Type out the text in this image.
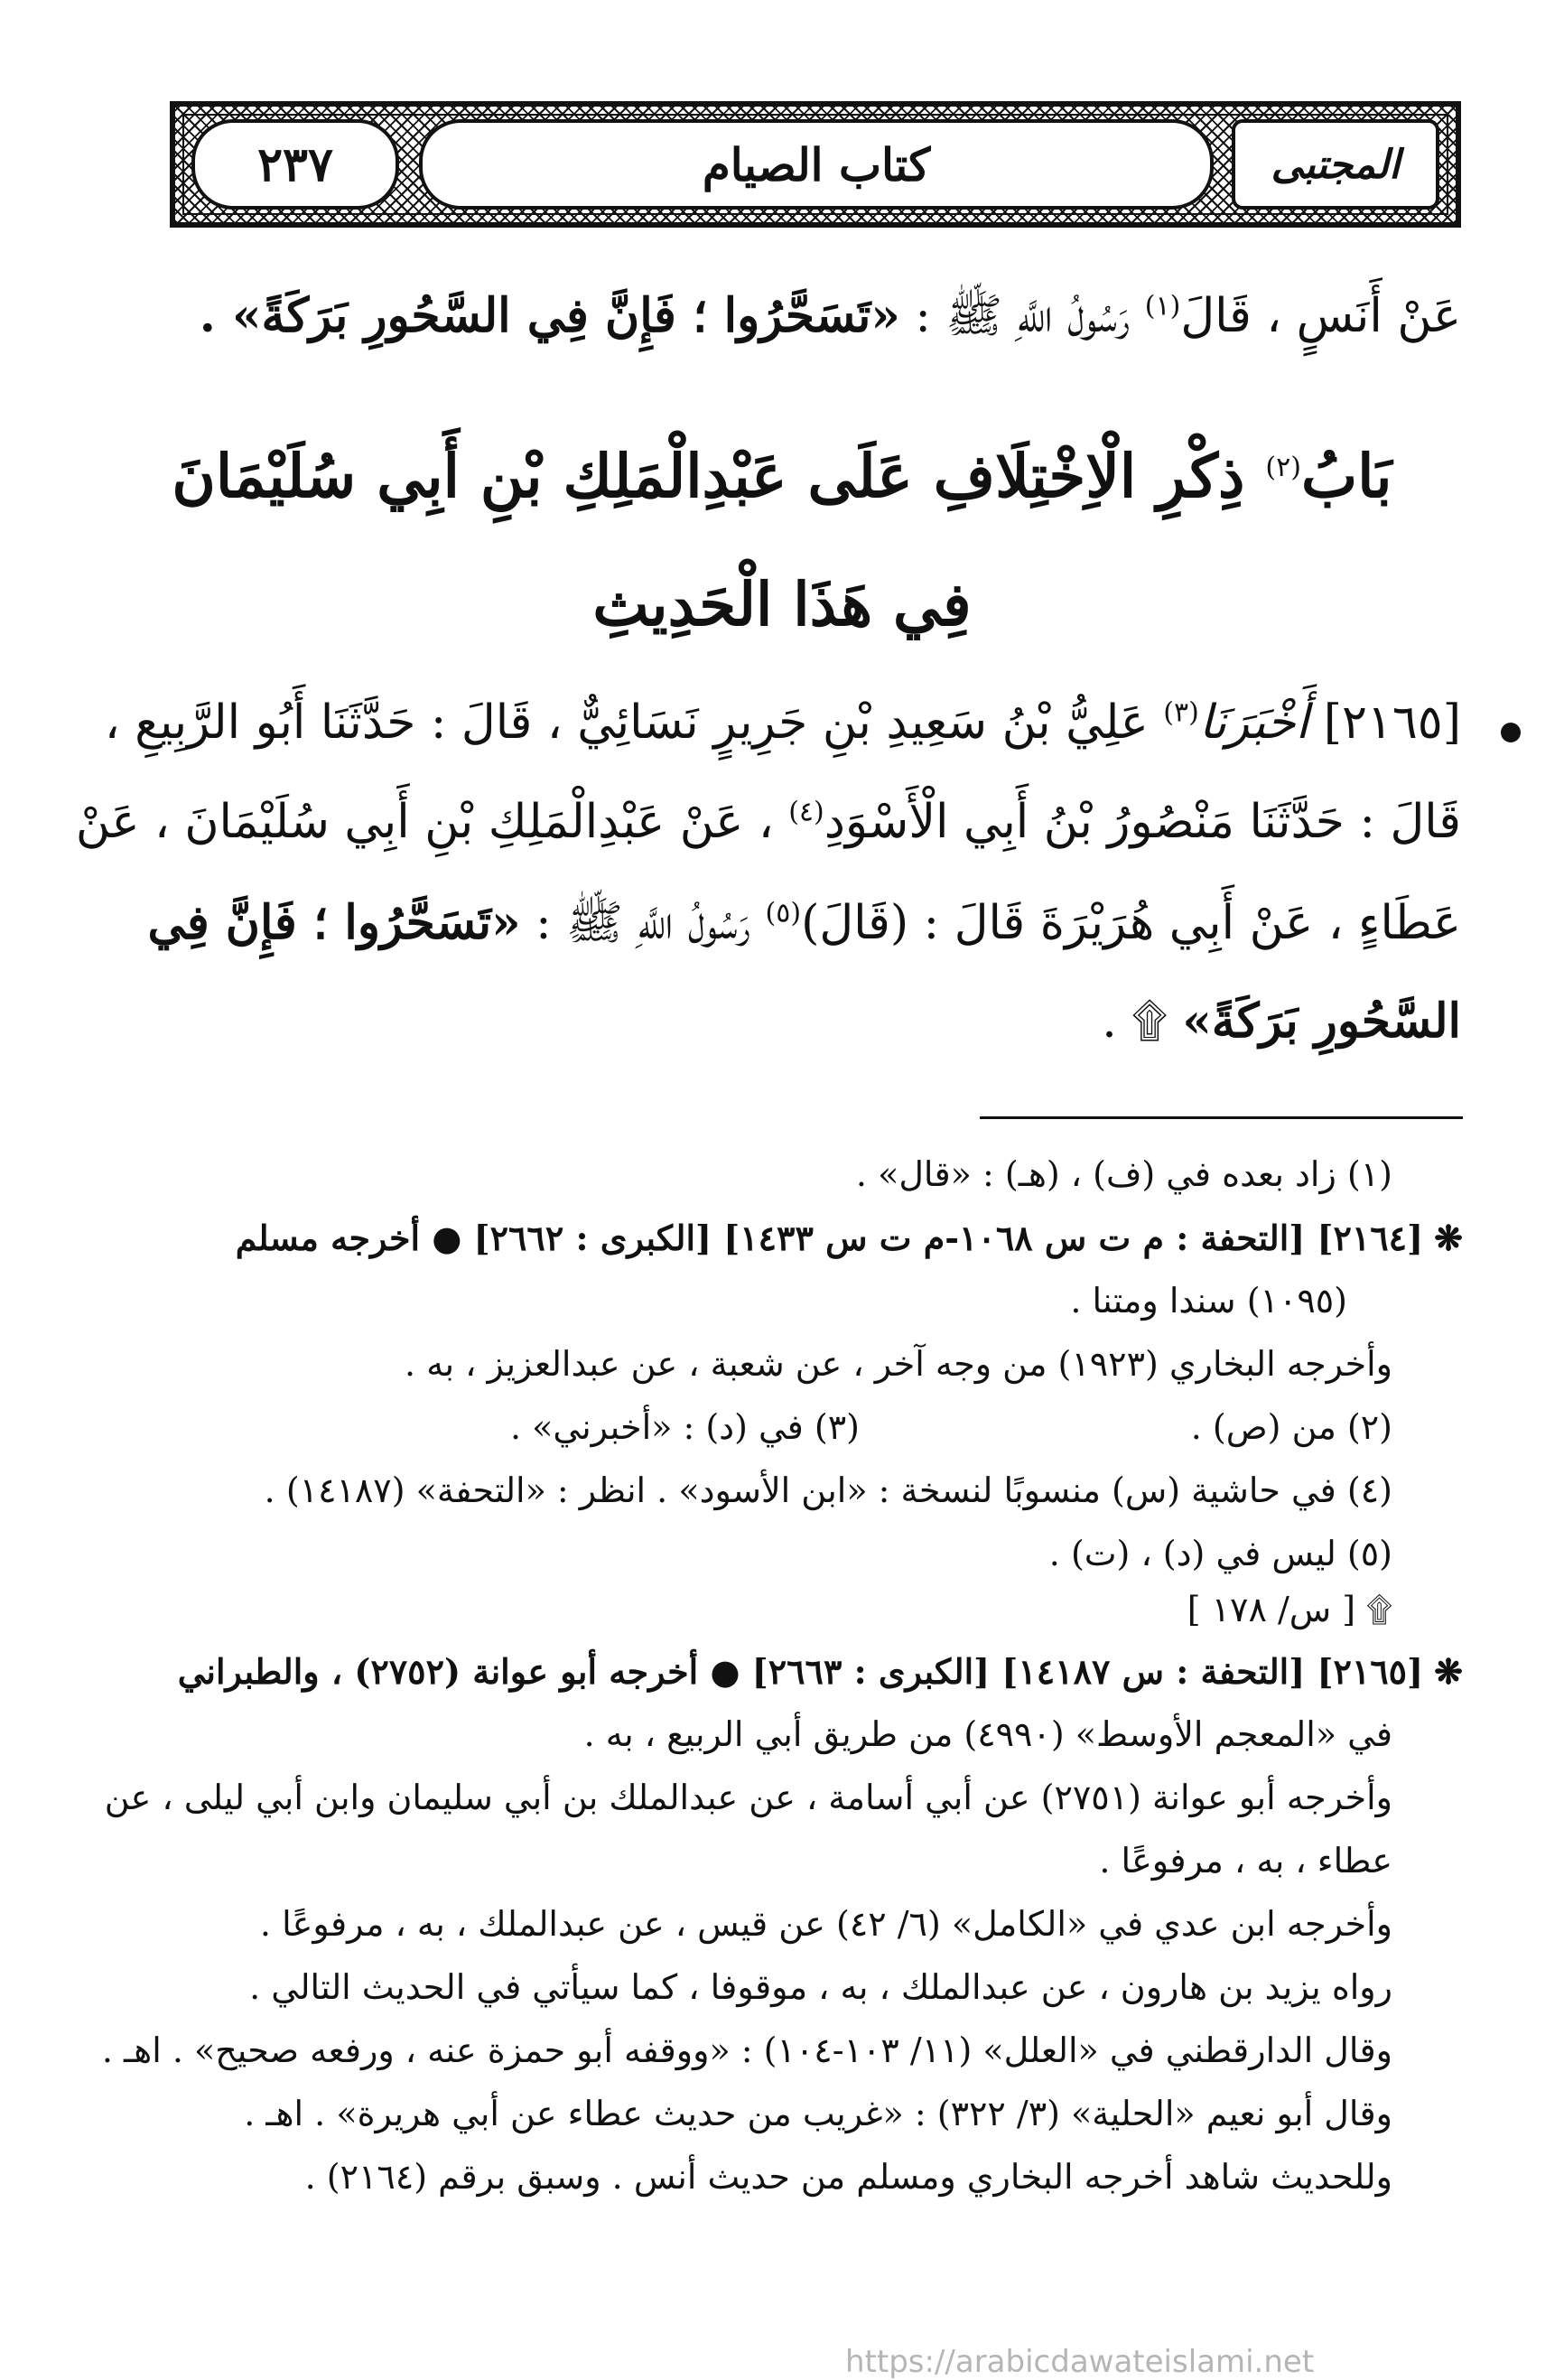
المجتبى
كتاب الصيام
٢٣٧
عَنْ أَنَسٍ ، قَالَ$^{(١)}$ رَسُولُ اللَّهِ ﷺ : «تَسَحَّرُوا ؛ فَإِنَّ فِي السَّحُورِ بَرَكَةً» .
بَابُ$^{(٢)}$ ذِكْرِ الْاِخْتِلَافِ عَلَى عَبْدِالْمَلِكِ بْنِ أَبِي سُلَيْمَانَ
فِي هَذَا الْحَدِيثِ
[٢١٦٥] أَخْبَرَنَا$^{(٣)}$ عَلِيُّ بْنُ سَعِيدِ بْنِ جَرِيرٍ نَسَائِيٌّ ، قَالَ : حَدَّثَنَا أَبُو الرَّبِيعِ ،
قَالَ : حَدَّثَنَا مَنْصُورُ بْنُ أَبِي الْأَسْوَدِ$^{(٤)}$ ، عَنْ عَبْدِالْمَلِكِ بْنِ أَبِي سُلَيْمَانَ ، عَنْ
عَطَاءٍ ، عَنْ أَبِي هُرَيْرَةَ قَالَ : (قَالَ)$^{(٥)}$ رَسُولُ اللَّهِ ﷺ : «تَسَحَّرُوا ؛ فَإِنَّ فِي
السَّحُورِ بَرَكَةً» ۩ .
(١) زاد بعده في (ف) ، (هـ) : «قال» .
❋ [٢١٦٤] [التحفة : م ت س ١٠٦٨-م ت س ١٤٣٣] [الكبرى : ٢٦٦٢] ● أخرجه مسلم
(١٠٩٥) سندا ومتنا .
وأخرجه البخاري (١٩٢٣) من وجه آخر ، عن شعبة ، عن عبدالعزيز ، به .
(٢) من (ص) .
(٣) في (د) : «أخبرني» .
(٤) في حاشية (س) منسوبًا لنسخة : «ابن الأسود» . انظر : «التحفة» (١٤١٨٧) .
(٥) ليس في (د) ، (ت) .
۩ [ س/ ١٧٨ ]
❋ [٢١٦٥] [التحفة : س ١٤١٨٧] [الكبرى : ٢٦٦٣] ● أخرجه أبو عوانة (٢٧٥٢) ، والطبراني
في «المعجم الأوسط» (٤٩٩٠) من طريق أبي الربيع ، به .
وأخرجه أبو عوانة (٢٧٥١) عن أبي أسامة ، عن عبدالملك بن أبي سليمان وابن أبي ليلى ، عن
عطاء ، به ، مرفوعًا .
وأخرجه ابن عدي في «الكامل» (٦/ ٤٢) عن قيس ، عن عبدالملك ، به ، مرفوعًا .
رواه يزيد بن هارون ، عن عبدالملك ، به ، موقوفا ، كما سيأتي في الحديث التالي .
وقال الدارقطني في «العلل» (١١/ ١٠٣-١٠٤) : «ووقفه أبو حمزة عنه ، ورفعه صحيح» . اهـ .
وقال أبو نعيم «الحلية» (٣/ ٣٢٢) : «غريب من حديث عطاء عن أبي هريرة» . اهـ .
وللحديث شاهد أخرجه البخاري ومسلم من حديث أنس . وسبق برقم (٢١٦٤) .
https://arabicdawateislami.net
